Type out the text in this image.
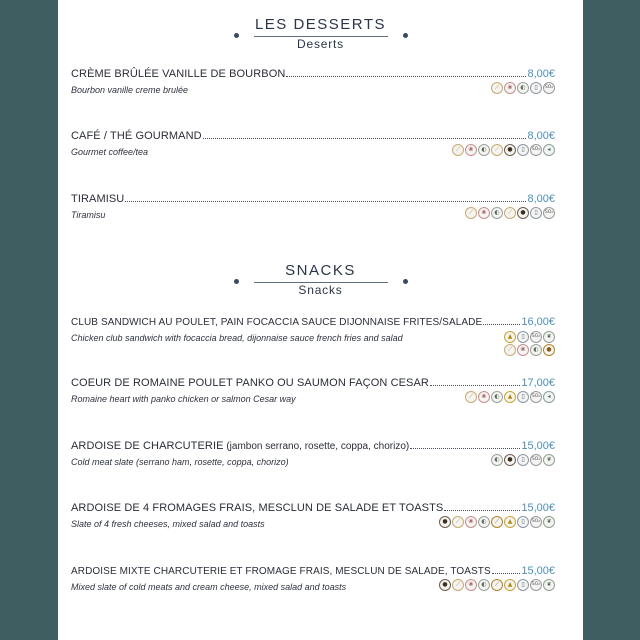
LES DESSERTS
Deserts
CRÈME BRÛLÉE VANILLE DE BOURBON	8,00€
Bourbon vanille creme brulée	⟋	❀	◐	▯	SO₂
CAFÉ / THÉ GOURMAND	8,00€
Gourmet coffee/tea	⟋	❀	◐	⟋	●	▯	SO₂	◂
TIRAMISU	8,00€
Tiramisu	⟋	❀	◐	⟋	●	▯	SO₂
SNACKS
Snacks
CLUB SANDWICH AU POULET, PAIN FOCACCIA SAUCE DIJONNAISE FRITES/SALADE	16,00€
Chicken club sandwich with focaccia bread, dijonnaise sauce french fries and salad	▲	▯	SO₂	❦
⟋	❀	◐	●
COEUR DE ROMAINE POULET PANKO OU SAUMON FAÇON CESAR	17,00€
Romaine heart with panko chicken or salmon Cesar way	⟋	❀	◐	▲	▯	SO₂	◂
ARDOISE DE CHARCUTERIE (jambon serrano, rosette, coppa, chorizo)	15,00€
Cold meat slate (serrano ham, rosette, coppa, chorizo)	◐	●	▯	SO₂	❦
ARDOISE DE 4 FROMAGES FRAIS, MESCLUN DE SALADE ET TOASTS	15,00€
Slate of 4 fresh cheeses, mixed salad and toasts	●	⟋	❀	◐	⟋	▲	▯	SO₂	❦
ARDOISE MIXTE CHARCUTERIE ET FROMAGE FRAIS, MESCLUN DE SALADE, TOASTS	15,00€
Mixed slate of cold meats and cream cheese, mixed salad and toasts	●	⟋	❀	◐	⟋	▲	▯	SO₂	❦
